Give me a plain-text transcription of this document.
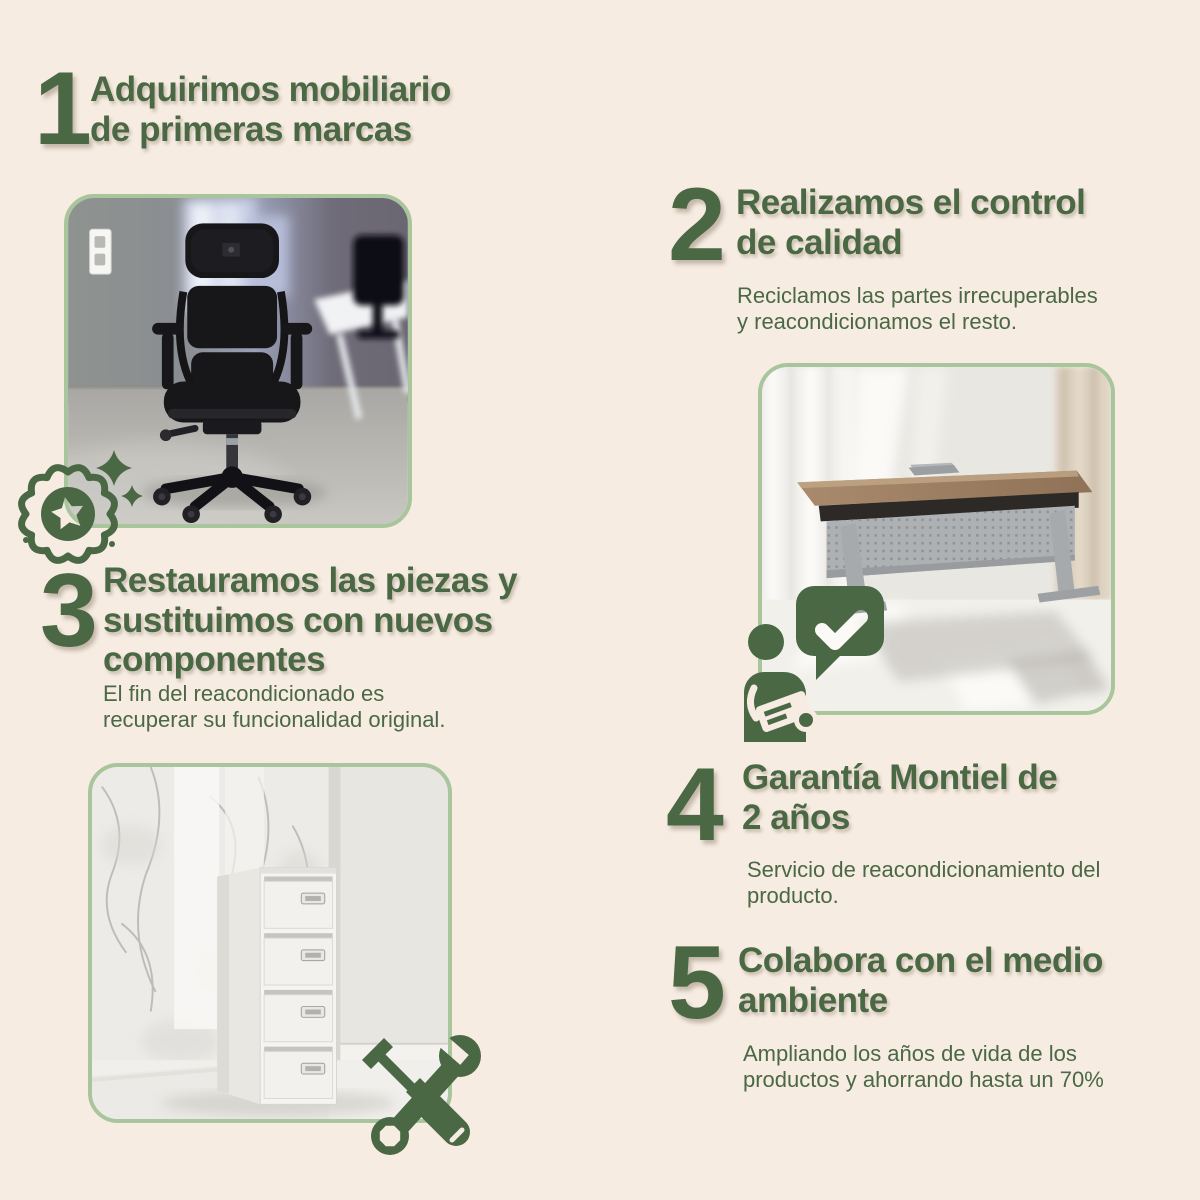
1 Adquirimos mobiliario
de primeras marcas
3 Restauramos las piezas y
sustituimos con nuevos
componentes

El fin del reacondicionado es
recuperar su funcionalidad original.

2 Realizamos el control
de calidad

Reciclamos las partes irrecuperables
y reacondicionamos el resto.

4 Garantía Montiel de
2 años

Servicio de reacondicionamiento del
producto.

5 Colabora con el medio
ambiente

Ampliando los años de vida de los
productos y ahorrando hasta un 70%
